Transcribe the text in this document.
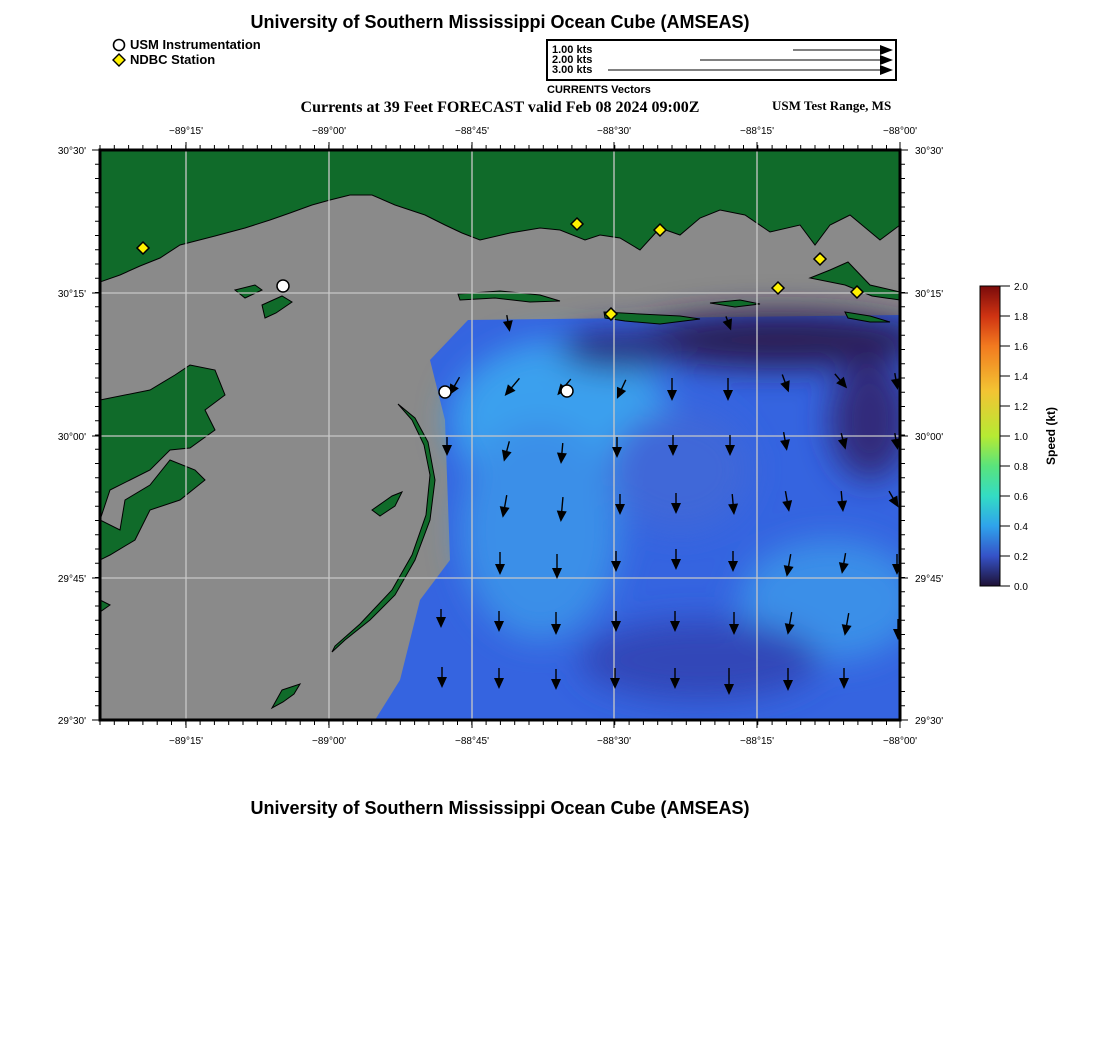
University of Southern Mississippi Ocean Cube (AMSEAS)
USM Instrumentation
NDBC Station
1.00 kts
2.00 kts
3.00 kts
CURRENTS Vectors
Currents at 39 Feet FORECAST valid Feb 08 2024 09:00Z	USM Test Range, MS
−89°15'	−89°00'	−88°45'	−88°30'	−88°15'	−88°00'
−89°15'	−89°00'	−88°45'	−88°30'	−88°15'	−88°00'
30°30'
30°15'
30°00'
29°45'
29°30'
30°30'
30°15'
30°00'
29°45'
29°30'
2.0
1.8
1.6
1.4
1.2
1.0
0.8
0.6
0.4
0.2
0.0
Speed (kt)
University of Southern Mississippi Ocean Cube (AMSEAS)
